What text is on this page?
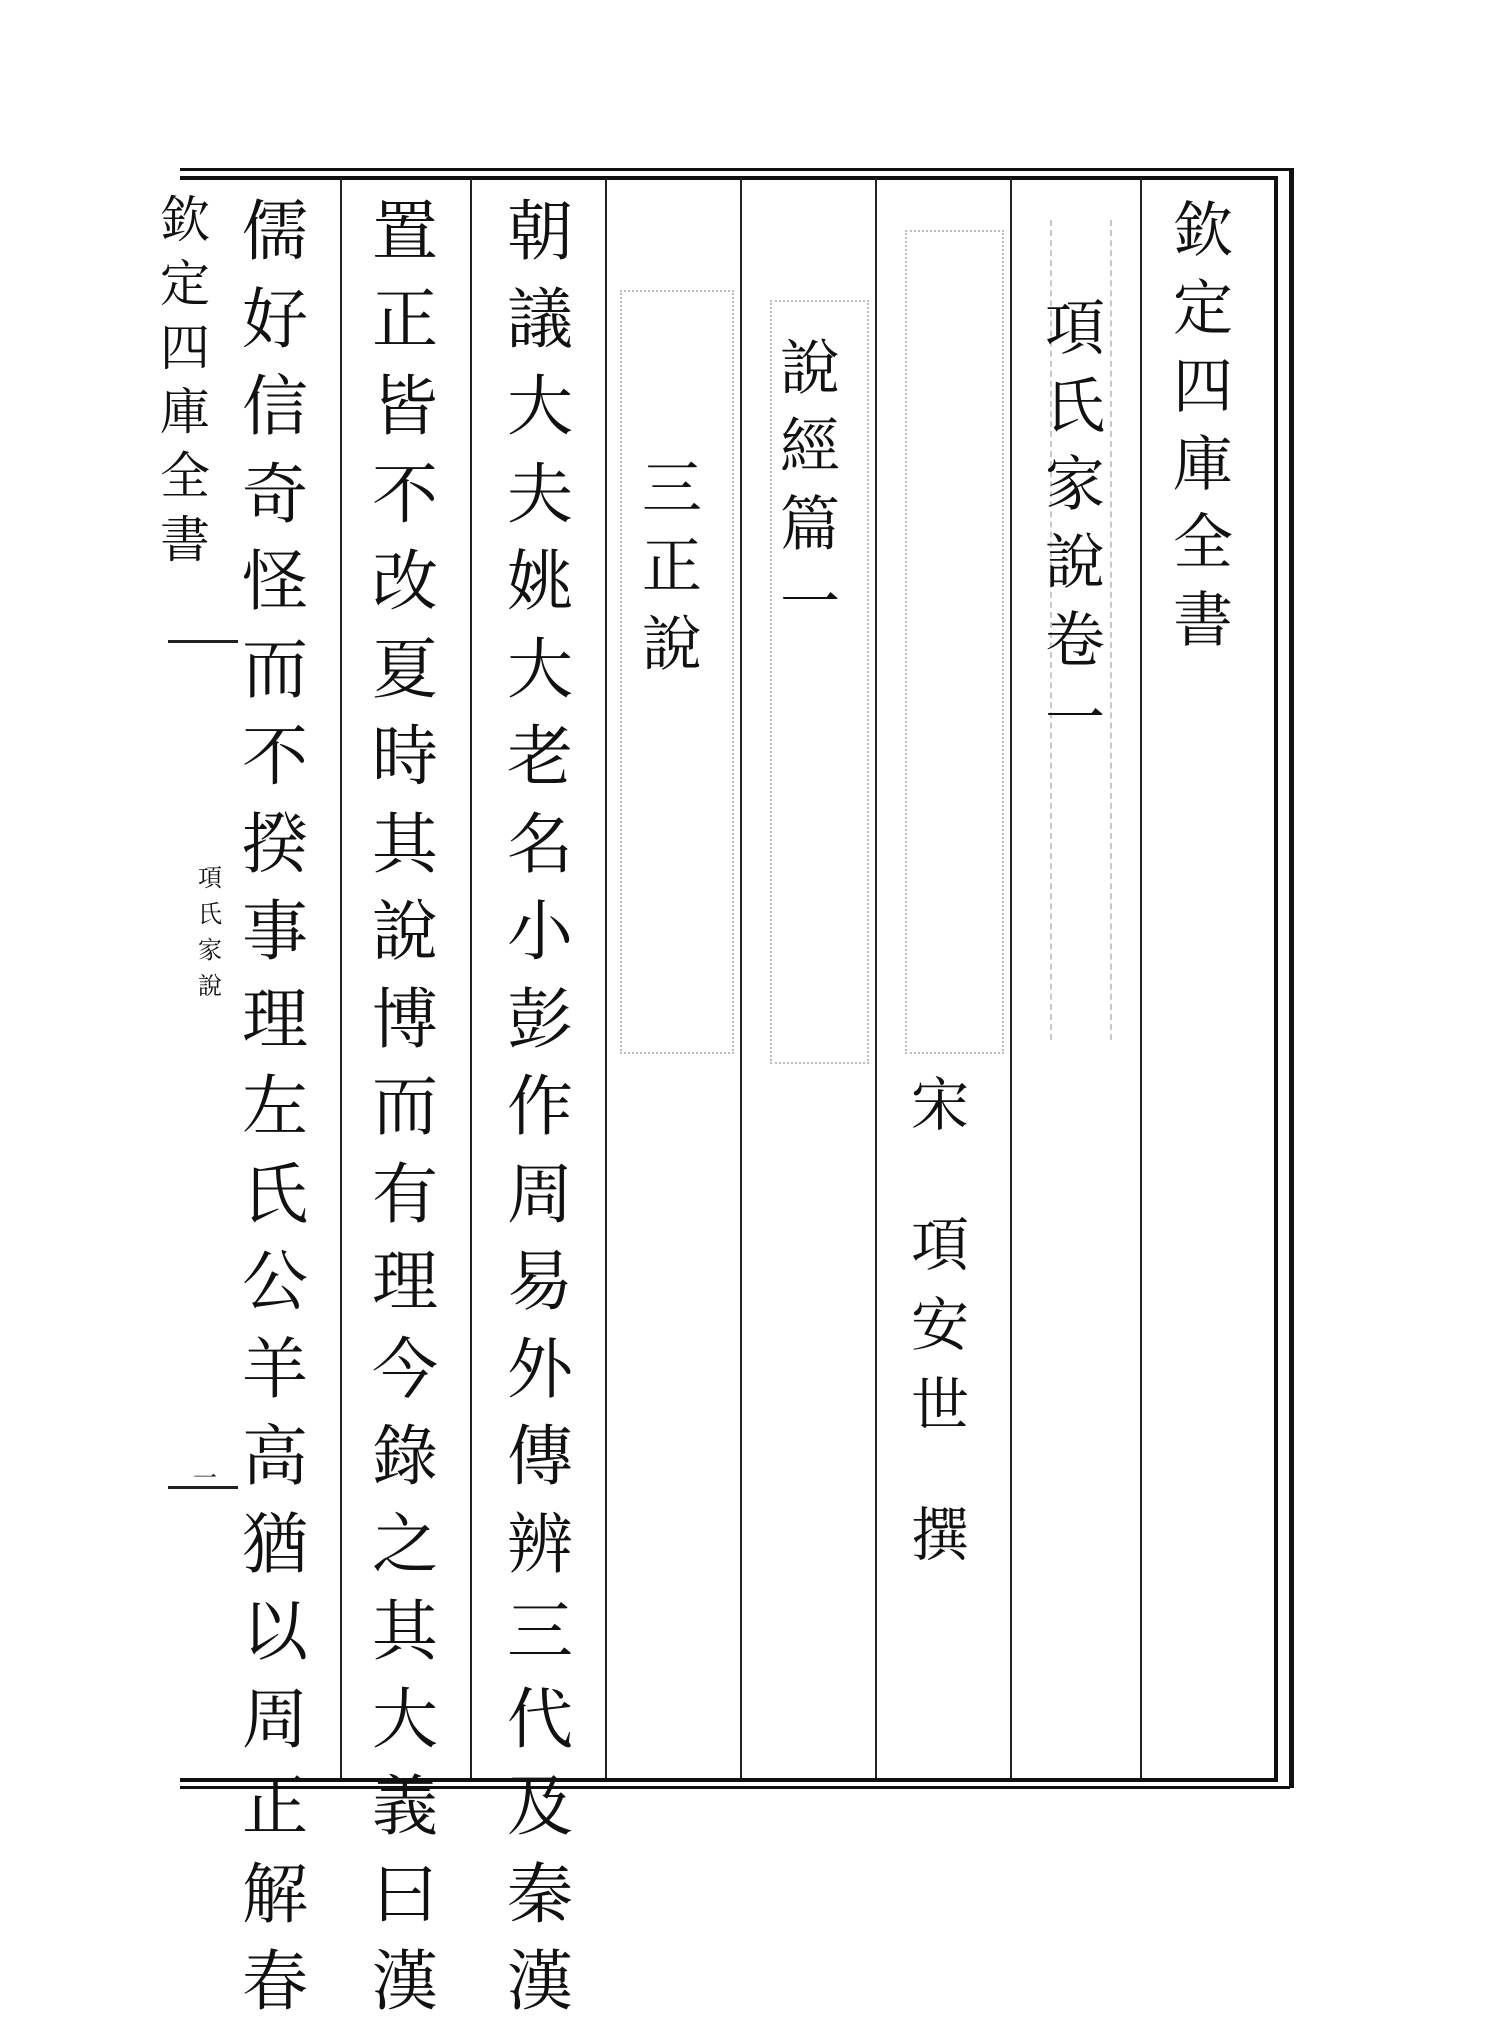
欽
定
四
庫
全
書
項
氏
家
說
一
欽
定
四
庫
全
書
項
氏
家
說
卷
一
宋
項
安
世
撰
說
經
篇
一
三
正
說
朝
議
大
夫
姚
大
老
名
小
彭
作
周
易
外
傳
辨
三
代
及
秦
漢
置
正
皆
不
改
夏
時
其
說
博
而
有
理
今
錄
之
其
大
義
曰
漢
儒
好
信
奇
怪
而
不
揆
事
理
左
氏
公
羊
高
猶
以
周
正
解
春
